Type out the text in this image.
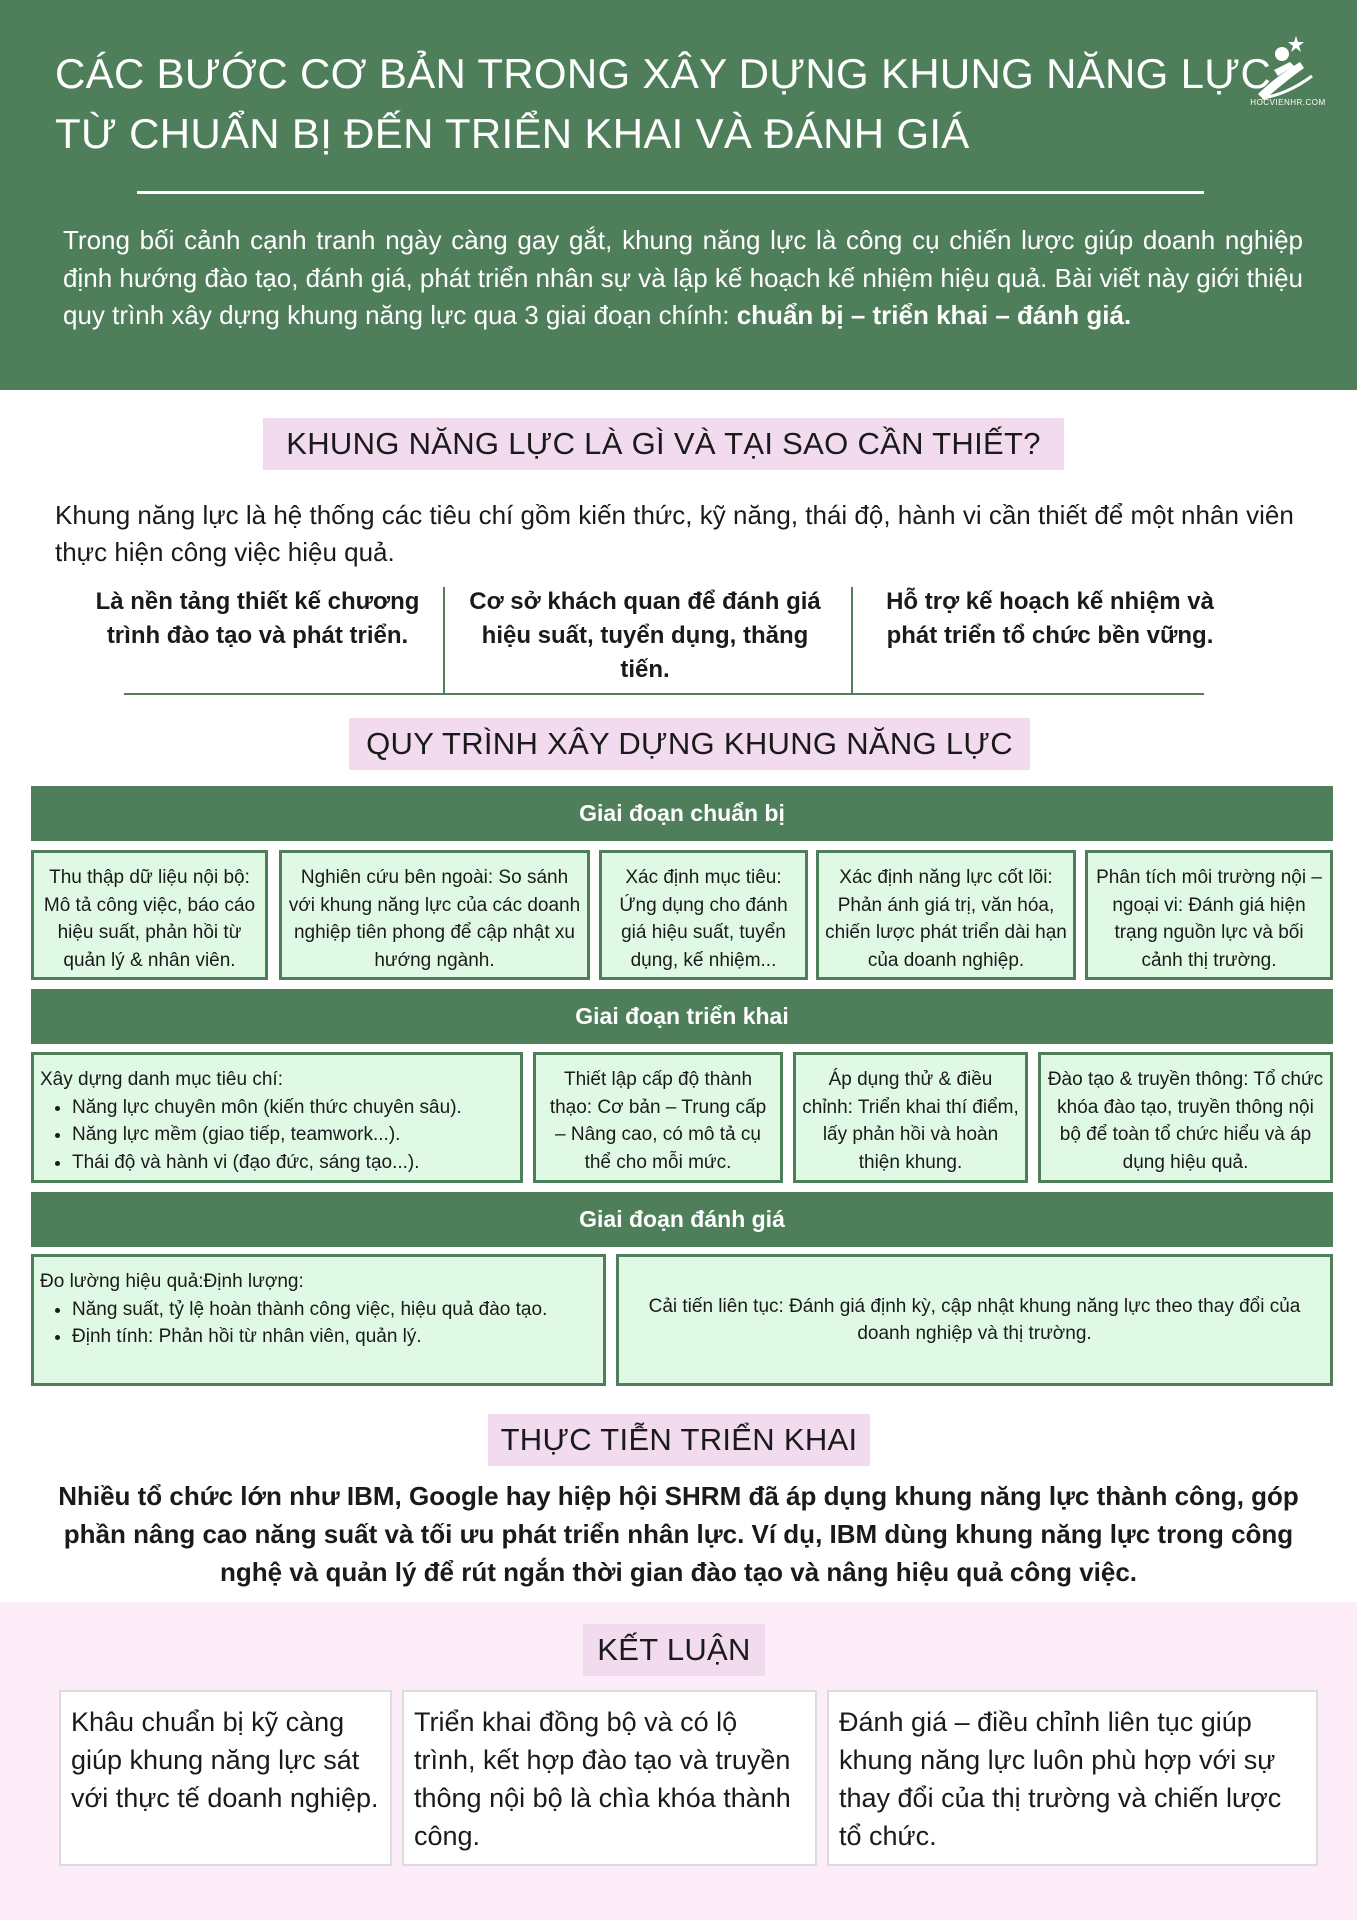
CÁC BƯỚC CƠ BẢN TRONG XÂY DỰNG KHUNG NĂNG LỰC
TỪ CHUẨN BỊ ĐẾN TRIỂN KHAI VÀ ĐÁNH GIÁ
HOCVIENHR.COM
Trong bối cảnh cạnh tranh ngày càng gay gắt, khung năng lực là công cụ chiến lược giúp doanh nghiệp định hướng đào tạo, đánh giá, phát triển nhân sự và lập kế hoạch kế nhiệm hiệu quả. Bài viết này giới thiệu quy trình xây dựng khung năng lực qua 3 giai đoạn chính: chuẩn bị – triển khai – đánh giá.
KHUNG NĂNG LỰC LÀ GÌ VÀ TẠI SAO CẦN THIẾT?
Khung năng lực là hệ thống các tiêu chí gồm kiến thức, kỹ năng, thái độ, hành vi cần thiết để một nhân viên thực hiện công việc hiệu quả.
Là nền tảng thiết kế chương trình đào tạo và phát triển.
Cơ sở khách quan để đánh giá hiệu suất, tuyển dụng, thăng tiến.
Hỗ trợ kế hoạch kế nhiệm và phát triển tổ chức bền vững.
QUY TRÌNH XÂY DỰNG KHUNG NĂNG LỰC
Giai đoạn chuẩn bị
Thu thập dữ liệu nội bộ: Mô tả công việc, báo cáo hiệu suất, phản hồi từ quản lý & nhân viên.
Nghiên cứu bên ngoài: So sánh với khung năng lực của các doanh nghiệp tiên phong để cập nhật xu hướng ngành.
Xác định mục tiêu: Ứng dụng cho đánh giá hiệu suất, tuyển dụng, kế nhiệm...
Xác định năng lực cốt lõi: Phản ánh giá trị, văn hóa, chiến lược phát triển dài hạn của doanh nghiệp.
Phân tích môi trường nội – ngoại vi: Đánh giá hiện trạng nguồn lực và bối cảnh thị trường.
Giai đoạn triển khai
Xây dựng danh mục tiêu chí:
• Năng lực chuyên môn (kiến thức chuyên sâu).
• Năng lực mềm (giao tiếp, teamwork...).
• Thái độ và hành vi (đạo đức, sáng tạo...).
Thiết lập cấp độ thành thạo: Cơ bản – Trung cấp – Nâng cao, có mô tả cụ thể cho mỗi mức.
Áp dụng thử & điều chỉnh: Triển khai thí điểm, lấy phản hồi và hoàn thiện khung.
Đào tạo & truyền thông: Tổ chức khóa đào tạo, truyền thông nội bộ để toàn tổ chức hiểu và áp dụng hiệu quả.
Giai đoạn đánh giá
Đo lường hiệu quả:Định lượng:
• Năng suất, tỷ lệ hoàn thành công việc, hiệu quả đào tạo.
• Định tính: Phản hồi từ nhân viên, quản lý.
Cải tiến liên tục: Đánh giá định kỳ, cập nhật khung năng lực theo thay đổi của doanh nghiệp và thị trường.
THỰC TIỄN TRIỂN KHAI
Nhiều tổ chức lớn như IBM, Google hay hiệp hội SHRM đã áp dụng khung năng lực thành công, góp phần nâng cao năng suất và tối ưu phát triển nhân lực. Ví dụ, IBM dùng khung năng lực trong công nghệ và quản lý để rút ngắn thời gian đào tạo và nâng hiệu quả công việc.
KẾT LUẬN
Khâu chuẩn bị kỹ càng giúp khung năng lực sát với thực tế doanh nghiệp.
Triển khai đồng bộ và có lộ trình, kết hợp đào tạo và truyền thông nội bộ là chìa khóa thành công.
Đánh giá – điều chỉnh liên tục giúp khung năng lực luôn phù hợp với sự thay đổi của thị trường và chiến lược tổ chức.
